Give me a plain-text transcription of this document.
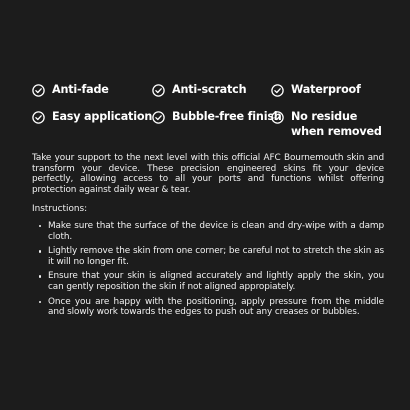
Anti-fade	Anti-scratch	Waterproof
Easy application Bubble-free finish No residue when removed

Take your support to the next level with this official AFC Bournemouth skin and transform your device. These precision engineered skins fit your device perfectly, allowing access to all your ports and functions whilst offering protection against daily wear & tear.

Instructions:

Make sure that the surface of the device is clean and dry-wipe with a damp cloth.
Lightly remove the skin from one corner; be careful not to stretch the skin as it will no longer fit.
Ensure that your skin is aligned accurately and lightly apply the skin, you can gently reposition the skin if not aligned appropiately.
Once you are happy with the positioning, apply pressure from the middle and slowly work towards the edges to push out any creases or bubbles.
